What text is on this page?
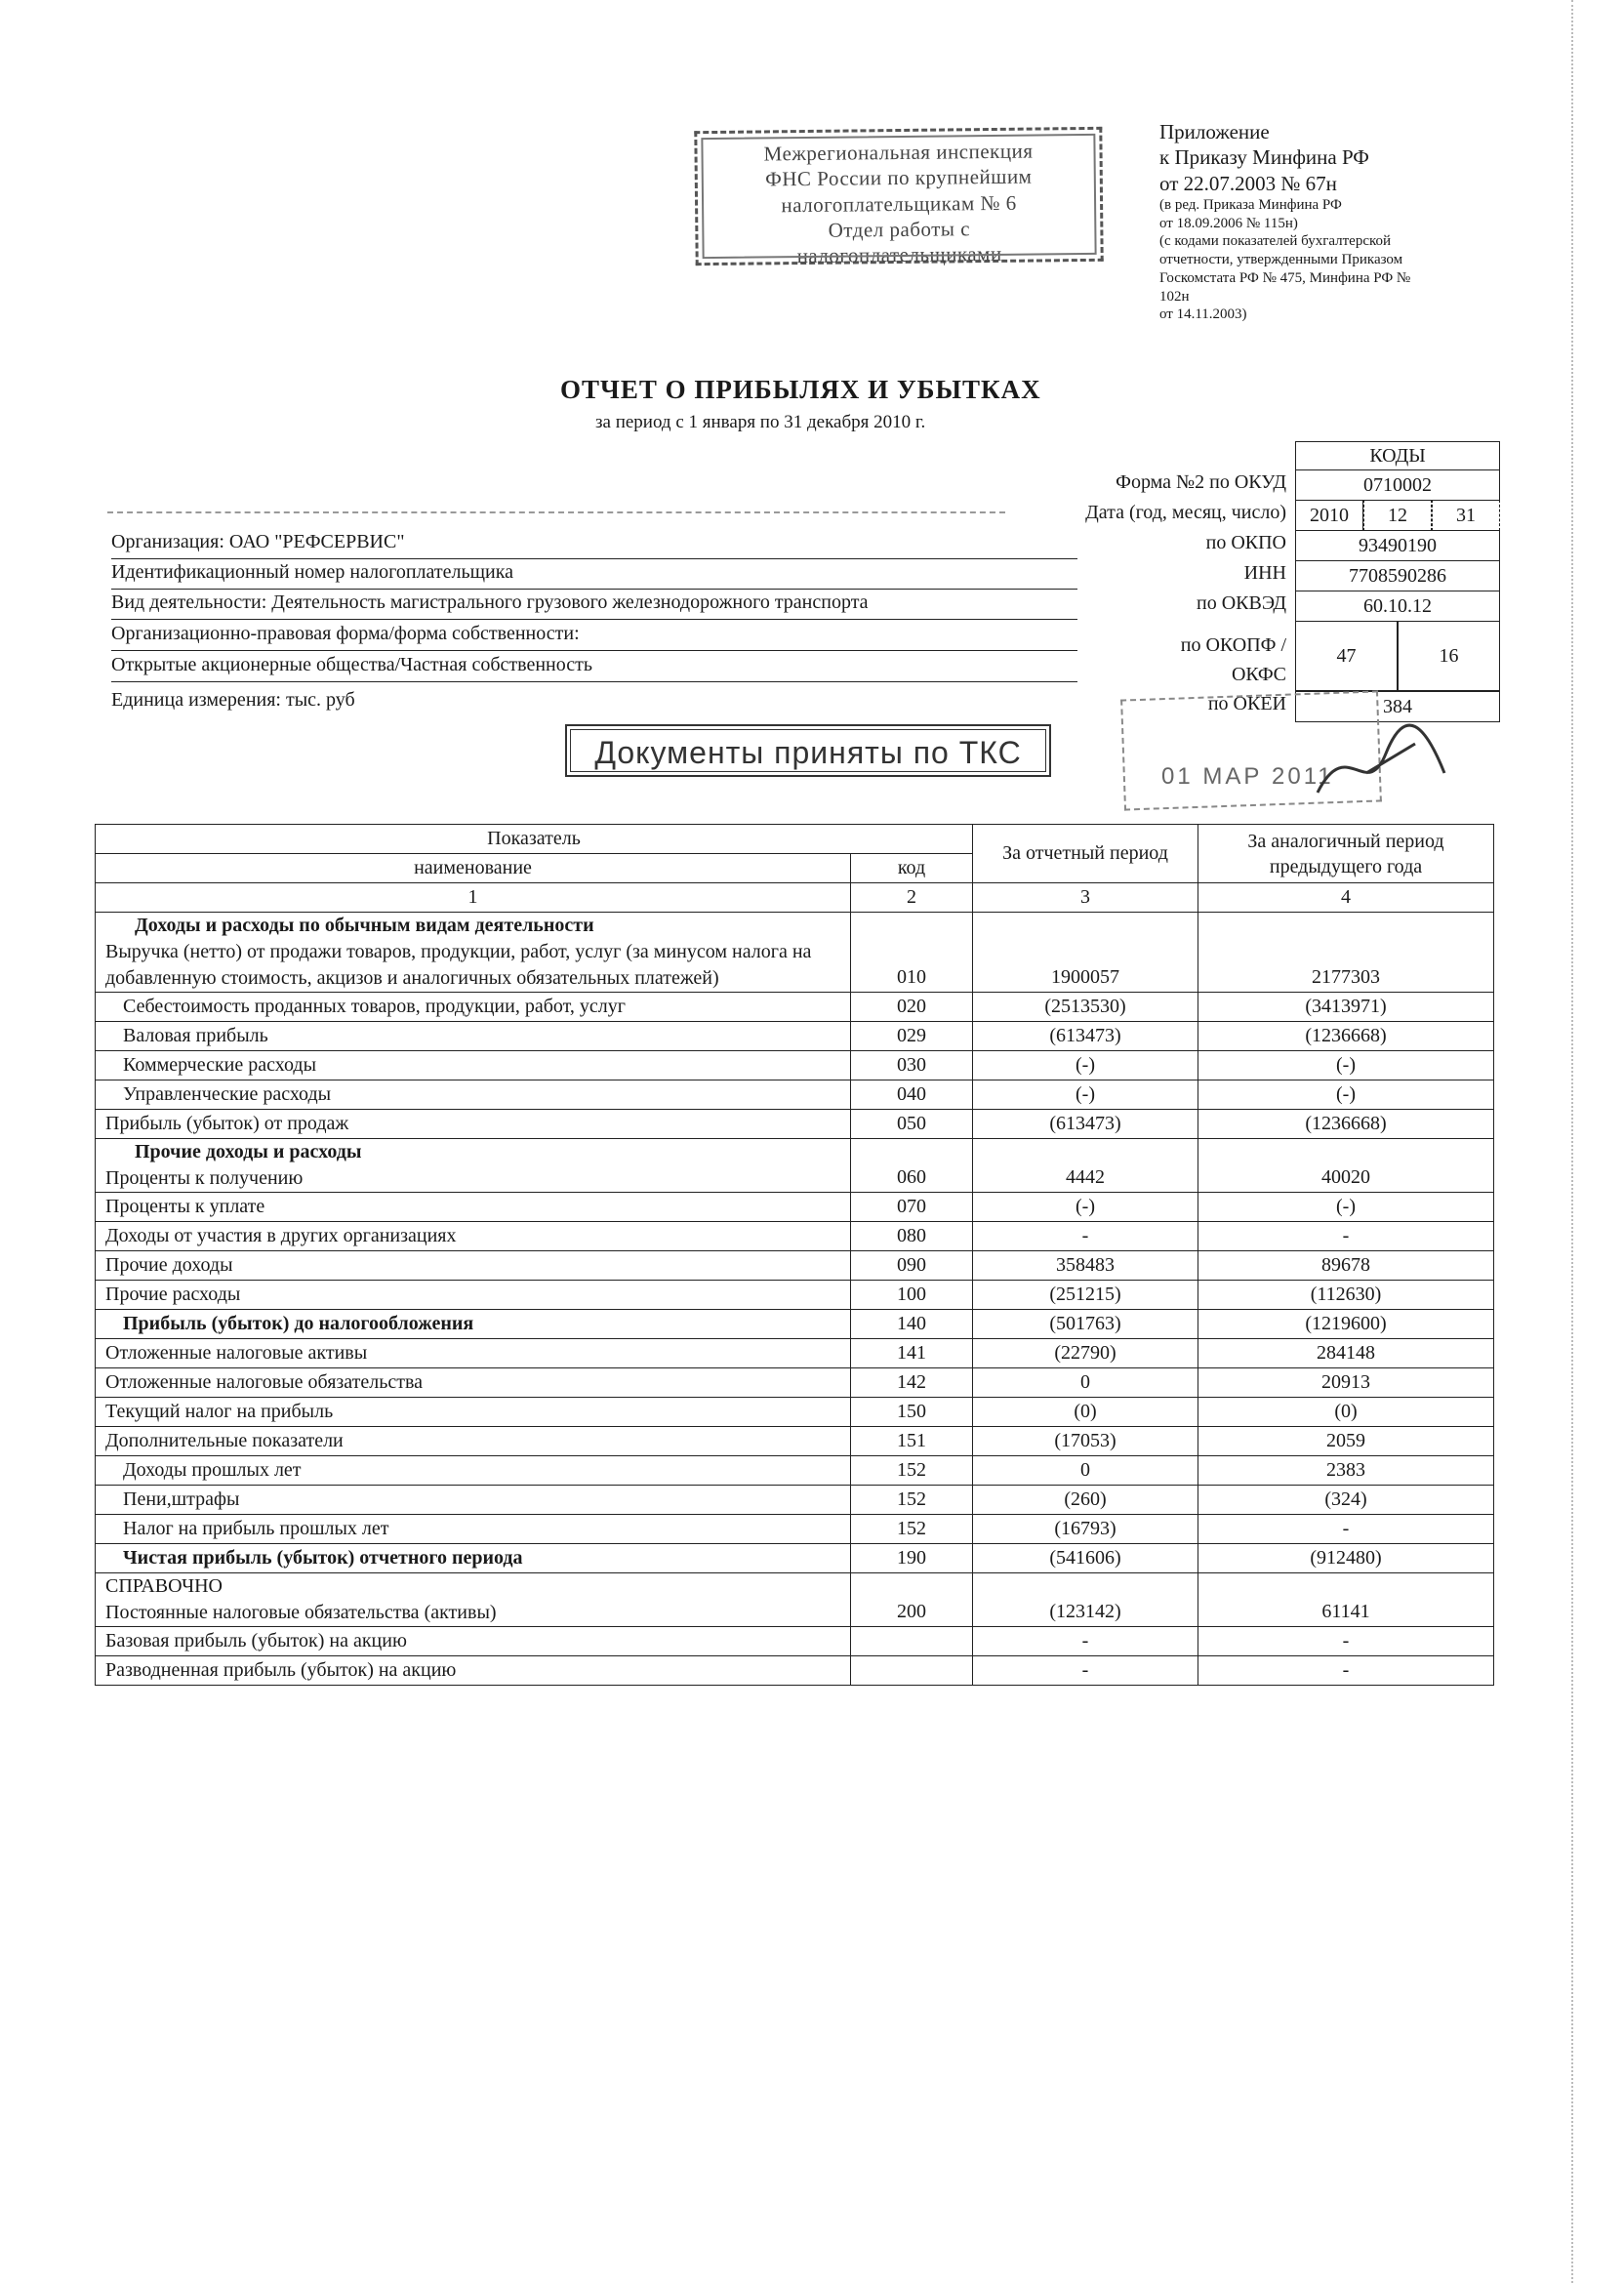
Межрегиональная инспекция
ФНС России по крупнейшим
налогоплательщикам № 6
Отдел работы с
налогоплательщиками
Приложение
к Приказу Минфина РФ
от 22.07.2003 № 67н
(в ред. Приказа Минфина РФ
от 18.09.2006 № 115н)
(с кодами показателей бухгалтерской
отчетности, утвержденными Приказом
Госкомстата РФ № 475, Минфина РФ №
102н
от 14.11.2003)
ОТЧЕТ О ПРИБЫЛЯХ И УБЫТКАХ
за период с 1 января по 31 декабря 2010 г.
КОДЫ
Форма №2 по ОКУД	0710002
Дата (год, месяц, число)	2010	12	31
Организация: ОАО "РЕФСЕРВИС"	по ОКПО	93490190
Идентификационный номер налогоплательщика	ИНН	7708590286
Вид деятельности: Деятельность магистрального грузового железнодорожного транспорта	по ОКВЭД	60.10.12
Организационно-правовая форма/форма собственности:
Открытые акционерные общества/Частная собственность
по ОКОПФ /
ОКФС
47	16
Единица измерения: тыс. руб	по ОКЕИ	384
Документы приняты по ТКС
01 МАР 2011
Показатель		За отчетный период	За аналогичный период
предыдущего года

наименование	код		
1	2	3	4

Доходы и расходы по обычным видам деятельности
Выручка (нетто) от продажи товаров, продукции, работ, услуг (за минусом налога на добавленную стоимость, акцизов и аналогичных обязательных платежей)	010	1900057	2177303
Себестоимость проданных товаров, продукции, работ, услуг	020	(2513530)	(3413971)
Валовая прибыль	029	(613473)	(1236668)
Коммерческие расходы	030	(-)	(-)
Управленческие расходы	040	(-)	(-)
Прибыль (убыток) от продаж	050	(613473)	(1236668)

Прочие доходы и расходы
Проценты к получению	060	4442	40020
Проценты к уплате	070	(-)	(-)
Доходы от участия в других организациях	080	-	-
Прочие доходы	090	358483	89678
Прочие расходы	100	(251215)	(112630)
Прибыль (убыток) до налогообложения	140	(501763)	(1219600)
Отложенные налоговые активы	141	(22790)	284148
Отложенные налоговые обязательства	142	0	20913
Текущий налог на прибыль	150	(0)	(0)
Дополнительные показатели	151	(17053)	2059
Доходы прошлых лет	152	0	2383
Пени,штрафы	152	(260)	(324)
Налог на прибыль прошлых лет	152	(16793)	-
Чистая прибыль (убыток) отчетного периода	190	(541606)	(912480)

СПРАВОЧНО
Постоянные налоговые обязательства (активы)	200	(123142)	61141
Базовая прибыль (убыток) на акцию		-	-
Разводненная прибыль (убыток) на акцию		-	-
